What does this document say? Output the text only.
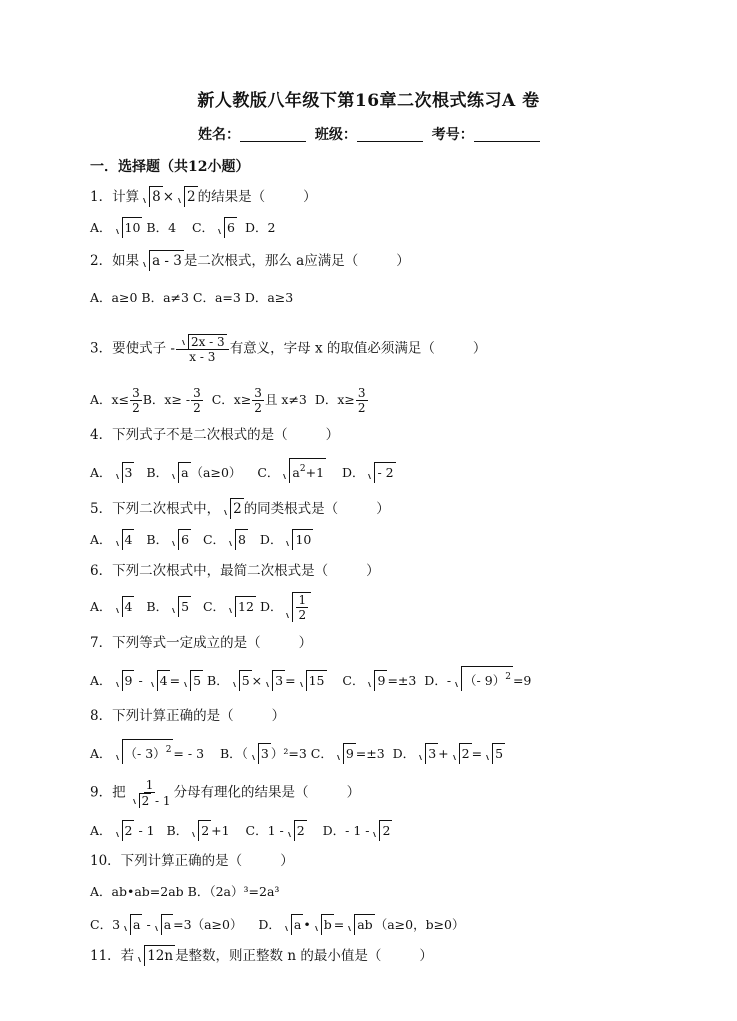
新人教版八年级下第16章二次根式练习A 卷
姓名：	班级：	考号：
一．选择题（共12小题）
1．计算 8 × 2 的结果是（	）
A． 10 B．4 C． 6 D．2
2．如果 a - 3 是二次根式，那么 a应满足（	）
A．a≥0 B．a≠3 C．a=3 D．a≥3
3．要使式子 - $\frac{2x - 3}{x - 3}$ 有意义，字母 x 的取值必须满足（	）
A．$x\le \frac{3}{2}$ B．$x\ge - \frac{3}{2}$ C．$x\ge \frac{3}{2}$ 且 x≠3 D．$x\ge \frac{3}{2}$
4．下列式子不是二次根式的是（	）
A． 3 B． a （a≥0） C． $a^2+1$ D． - 2
5．下列二次根式中， 2 的同类根式是（	）
A． 4 B． 6 C． 8 D． 10
6．下列二次根式中，最简二次根式是（	）
A． 4 B． 5 C． 12 D． $\frac{1}{2}$
7．下列等式一定成立的是（	）
A． 9 - 4 = 5 B． 5 × 3 = 15 C． 9 =±3 D．- （- 9）$^2$ =9
8．下列计算正确的是（	）
A． （- 3）$^2$ = - 3 B．（ 3 ）²=3 C． 9 =±3 D． 3 + 2 = 5
9．把 $\frac{1}{2 - 1}$ 分母有理化的结果是（	）
A． 2 - 1 B． 2 +1 C．1 - 2 D．- 1 - 2
10．下列计算正确的是（	）
A．ab•ab=2ab B．（2a）³=2a³
C．3 a - a =3（a≥0） D． a • b = ab （a≥0，b≥0）
11．若 12n 是整数，则正整数 n 的最小值是（	）
